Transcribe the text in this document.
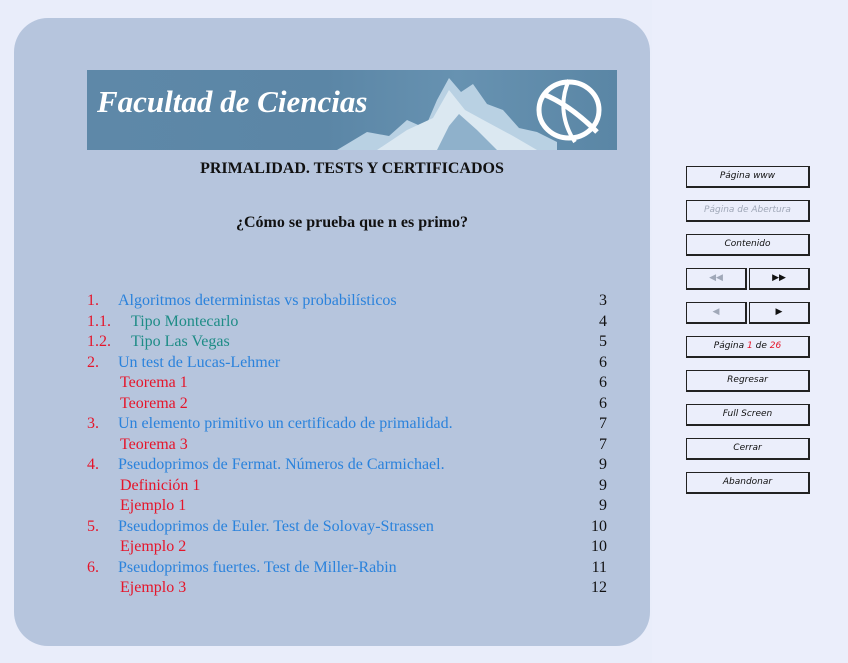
Facultad de Ciencias
PRIMALIDAD. TESTS Y CERTIFICADOS
¿Cómo se prueba que n es primo?
1. Algoritmos deterministas vs probabilísticos	3
1.1. Tipo Montecarlo	4
1.2. Tipo Las Vegas	5
2. Un test de Lucas-Lehmer	6
Teorema 1	6
Teorema 2	6
3. Un elemento primitivo un certificado de primalidad.	7
Teorema 3	7
4. Pseudoprimos de Fermat. Números de Carmichael.	9
Definición 1	9
Ejemplo 1	9
5. Pseudoprimos de Euler. Test de Solovay-Strassen	10
Ejemplo 2	10
6. Pseudoprimos fuertes. Test de Miller-Rabin	11
Ejemplo 3	12
Página www
Página de Abertura
Contenido
◀◀	▶▶
◀	▶
Página 1 de 26
Regresar
Full Screen
Cerrar
Abandonar
